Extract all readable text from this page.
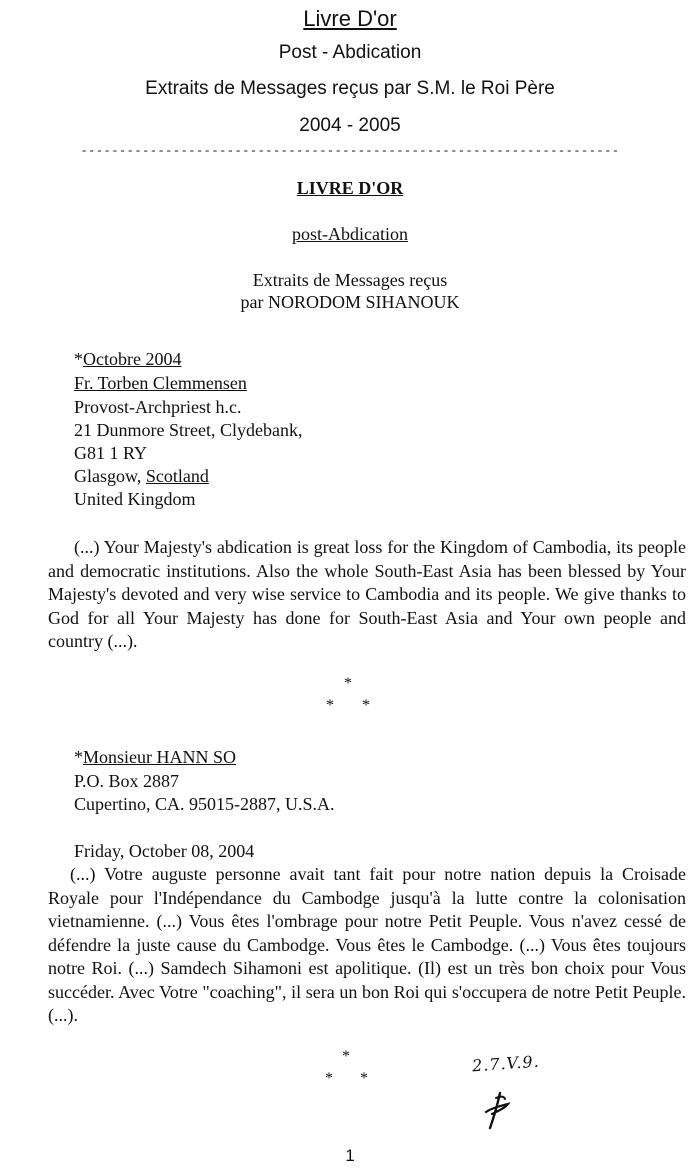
Livre D'or
Post - Abdication
Extraits de Messages reçus par S.M. le Roi Père
2004 - 2005
----------------------------------------------------------------------
LIVRE D'OR
post-Abdication
Extraits de Messages reçus
par NORODOM SIHANOUK
*Octobre 2004
Fr. Torben Clemmensen
Provost-Archpriest h.c.
21 Dunmore Street, Clydebank,
G81 1 RY
Glasgow, Scotland
United Kingdom
(...) Your Majesty's abdication is great loss for the Kingdom of Cambodia, its people and democratic institutions. Also the whole South-East Asia has been blessed by Your Majesty's devoted and very wise service to Cambodia and its people. We give thanks to God for all Your Majesty has done for South-East Asia and Your own people and country (...).
*
* *
*Monsieur HANN SO
P.O. Box 2887
Cupertino, CA. 95015-2887, U.S.A.
Friday, October 08, 2004
(...) Votre auguste personne avait tant fait pour notre nation depuis la Croisade Royale pour l'Indépendance du Cambodge jusqu'à la lutte contre la colonisation vietnamienne. (...) Vous êtes l'ombrage pour notre Petit Peuple. Vous n'avez cessé de défendre la juste cause du Cambodge. Vous êtes le Cambodge. (...) Vous êtes toujours notre Roi. (...) Samdech Sihamoni est apolitique. (Il) est un très bon choix pour Vous succéder. Avec Votre "coaching", il sera un bon Roi qui s'occupera de notre Petit Peuple. (...).
*
* *
2.7.V.9.
1
